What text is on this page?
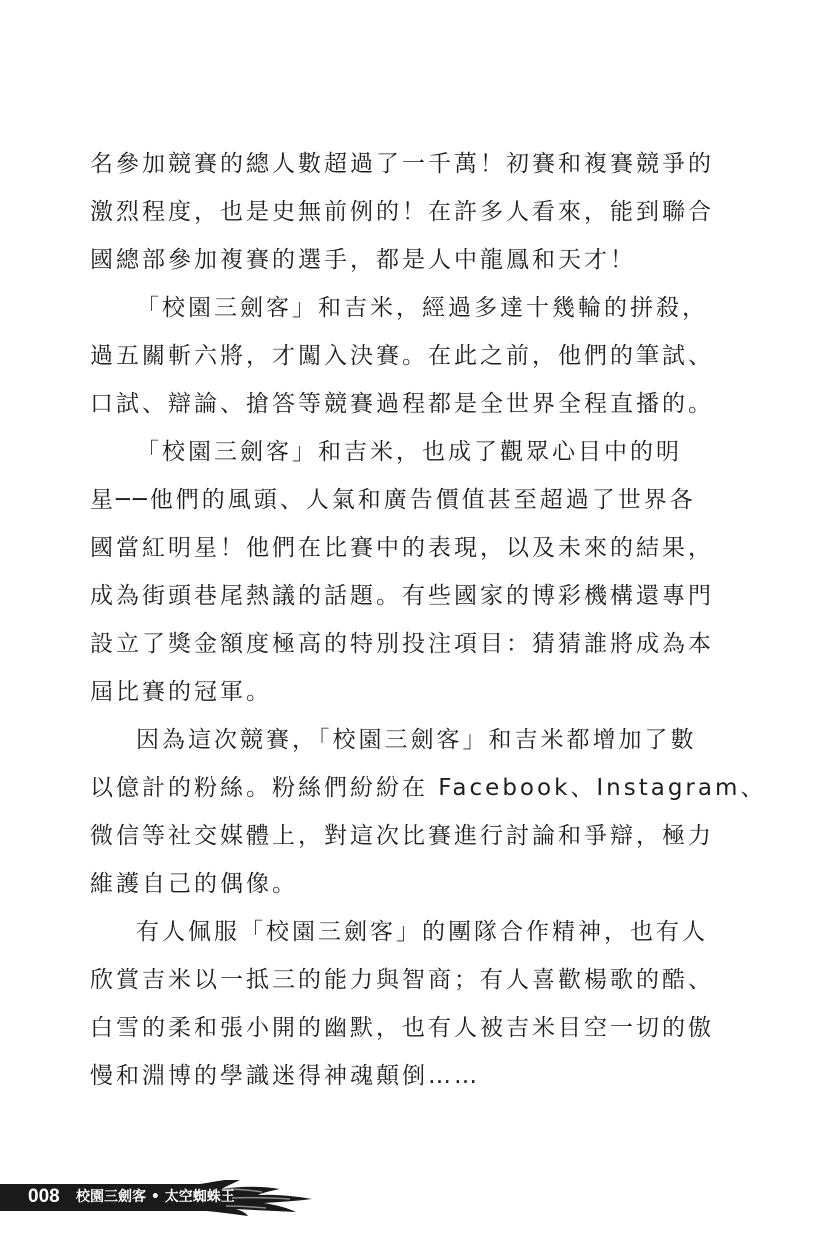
名參加競賽的總人數超過了一千萬！初賽和複賽競爭的
激烈程度，也是史無前例的！在許多人看來，能到聯合
國總部參加複賽的選手，都是人中龍鳳和天才！
「校園三劍客」和吉米，經過多達十幾輪的拼殺，
過五關斬六將，才闖入決賽。在此之前，他們的筆試、
口試、辯論、搶答等競賽過程都是全世界全程直播的。
「校園三劍客」和吉米，也成了觀眾心目中的明
星──他們的風頭、人氣和廣告價值甚至超過了世界各
國當紅明星！他們在比賽中的表現，以及未來的結果，
成為街頭巷尾熱議的話題。有些國家的博彩機構還專門
設立了獎金額度極高的特別投注項目：猜猜誰將成為本
屆比賽的冠軍。
因為這次競賽，「校園三劍客」和吉米都增加了數
以億計的粉絲。粉絲們紛紛在 Facebook、Instagram、
微信等社交媒體上，對這次比賽進行討論和爭辯，極力
維護自己的偶像。
有人佩服「校園三劍客」的團隊合作精神，也有人
欣賞吉米以一抵三的能力與智商；有人喜歡楊歌的酷、
白雪的柔和張小開的幽默，也有人被吉米目空一切的傲
慢和淵博的學識迷得神魂顛倒……
008 校園三劍客 • 太空蜘蛛王
